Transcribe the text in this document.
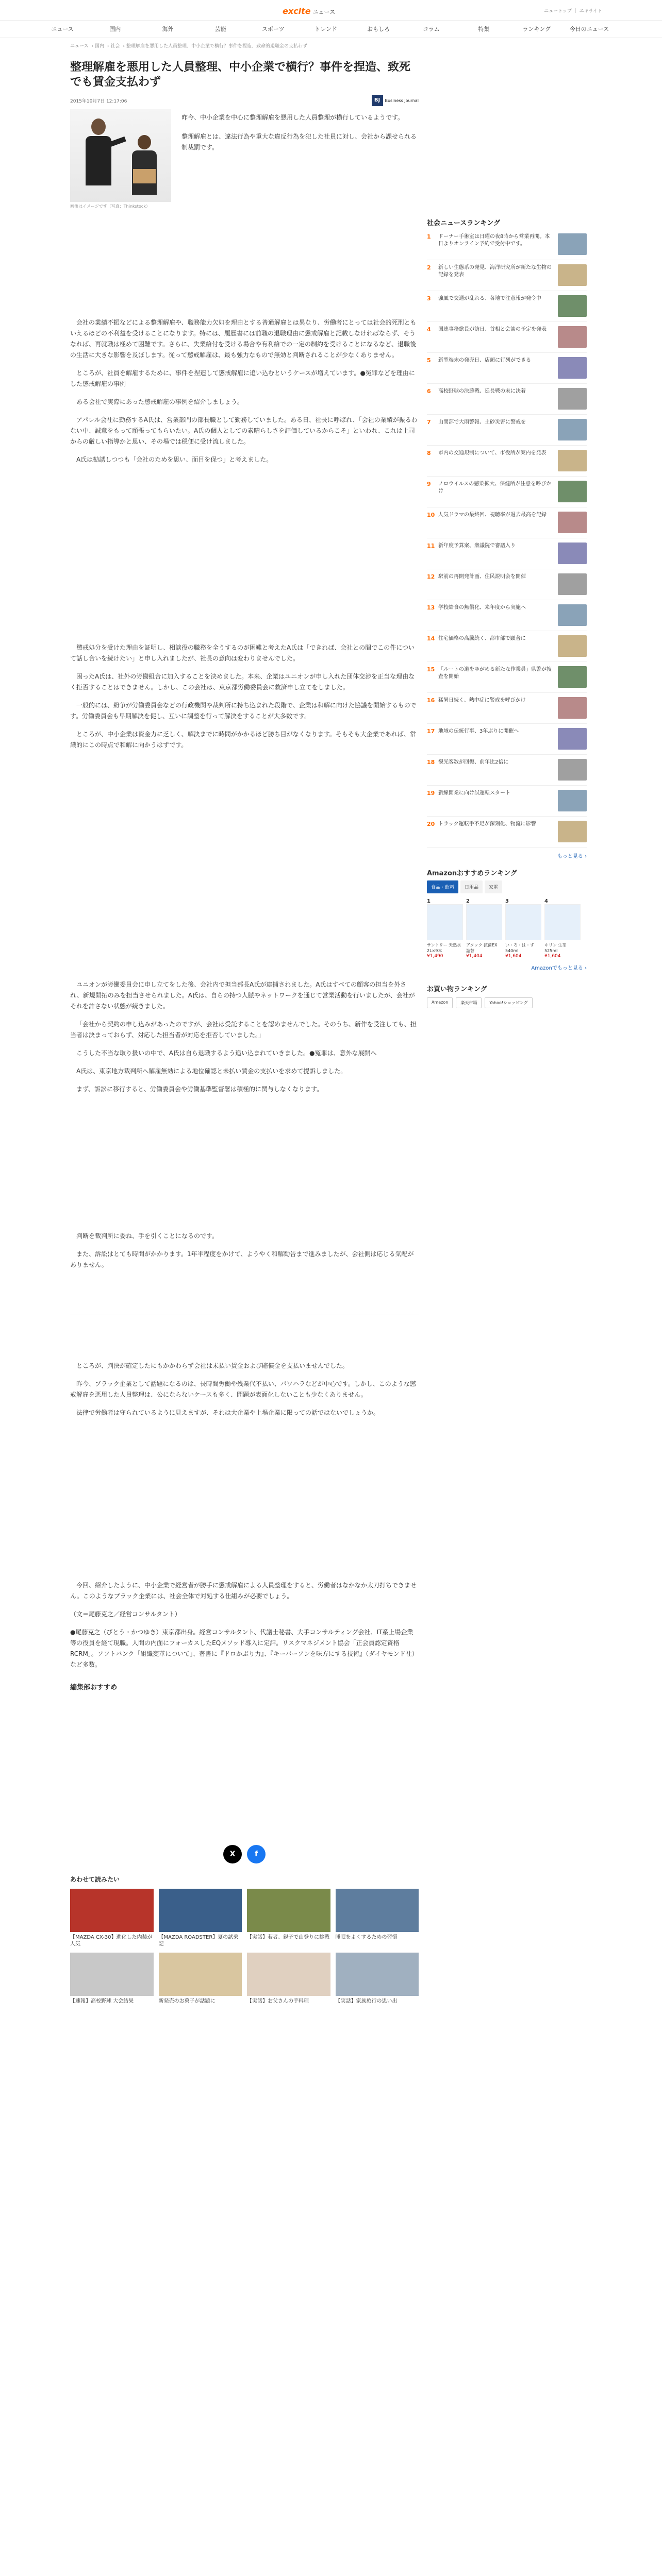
excite ニュース	ニュートップ ｜ エキサイト
ニュース	国内	海外	芸能	スポーツ	トレンド	おもしろ	コラム	特集	ランキング	今日のニュース
ニュース › 国内 › 社会 › 整理解雇を悪用した人員整理、中小企業で横行？事件を捏造、致命的退職金の支払わず
整理解雇を悪用した人員整理、中小企業で横行？事件を捏造、致死でも賃金支払わず
2015年10月7日 12:17:06	BJ	Business Journal
画像はイメージです（写真：Thinkstock）

昨今、中小企業を中心に整理解雇を悪用した人員整理が横行しているようです。

整理解雇とは、違法行為や重大な違反行為を犯した社員に対し、会社から課せられる制裁罰です。

会社の業績不振などによる整理解雇や、職務能力欠如を理由とする普通解雇とは異なり、労働者にとっては社会的死刑ともいえるほどの不利益を受けることになります。特には、履歴書には前職の退職理由に懲戒解雇と記載しなければならず、そうなれば、再就職は極めて困難です。さらに、失業給付を受ける場合や有利給での一定の制約を受けることになるなど、退職後の生活に大きな影響を及ぼします。従って懲戒解雇は、最も強力なもので無効と判断されることが少なくありません。

ところが、社員を解雇するために、事件を捏造して懲戒解雇に追い込むというケースが増えています。●冤罪などを理由にした懲戒解雇の事例

ある会社で実際にあった懲戒解雇の事例を紹介しましょう。

アパレル会社に勤務するA氏は、営業部門の部長職として勤務していました。ある日、社長に呼ばれ、「会社の業績が振るわない中、誠意をもって頑張ってもらいたい。A氏の個人としての素晴らしさを評価しているからこそ」といわれ、これは上司からの厳しい指導かと思い、その場では穏便に受け流しました。

A氏は勧誘しつつも「会社のためを思い、面目を保つ」と考えました。

懲戒処分を受けた理由を証明し、相談役の職務を全うするのが困難と考えたA氏は「できれば、会社との間でこの件について話し合いを続けたい」と申し入れましたが、社長の意向は変わりませんでした。

困ったA氏は、社外の労働組合に加入することを決めました。本来、企業はユニオンが申し入れた団体交渉を正当な理由なく拒否することはできません。しかし、この会社は、東京都労働委員会に救済申し立てをしました。

一般的には、紛争が労働委員会などの行政機関や裁判所に持ち込まれた段階で、企業は和解に向けた協議を開始するものです。労働委員会も早期解決を促し、互いに調整を行って解決をすることが大多数です。

ところが、中小企業は資金力に乏しく、解決までに時間がかかるほど勝ち目がなくなります。そもそも大企業であれば、常識的にこの時点で和解に向かうはずです。

ユニオンが労働委員会に申し立てをした後、会社内で担当部長A氏が逮捕されました。A氏はすべての顧客の担当を外され、新規開拓のみを担当させられました。A氏は、自らの持つ人脈やネットワークを通じて営業活動を行いましたが、会社がそれを許さない状態が続きました。

「会社から契約の申し込みがあったのですが、会社は受託することを認めませんでした。そのうち、新作を受注しても、担当者は決まっておらず、対応した担当者が対応を拒否していました。」

こうした不当な取り扱いの中で、A氏は自ら退職するよう追い込まれていきました。●冤罪は、意外な展開へ

A氏は、東京地方裁判所へ解雇無効による地位確認と未払い賃金の支払いを求めて提訴しました。

まず、訴訟に移行すると、労働委員会や労働基準監督署は積極的に関与しなくなります。

判断を裁判所に委ね、手を引くことになるのです。

また、訴訟はとても時間がかかります。1年半程度をかけて、ようやく和解勧告まで進みましたが、会社側は応じる気配がありません。

ところが、判決が確定したにもかかわらず会社は未払い賃金および賠償金を支払いませんでした。

昨今、ブラック企業として話題になるのは、長時間労働や残業代不払い、パワハラなどが中心です。しかし、このような懲戒解雇を悪用した人員整理は、公にならないケースも多く、問題が表面化しないことも少なくありません。

法律で労働者は守られているように見えますが、それは大企業や上場企業に限っての話ではないでしょうか。

今回、紹介したように、中小企業で経営者が勝手に懲戒解雇による人員整理をすると、労働者はなかなか太刀打ちできません。このようなブラック企業には、社会全体で対処する仕組みが必要でしょう。

（文＝尾藤克之／経営コンサルタント）

●尾藤克之（びとう・かつゆき）東京都出身。経営コンサルタント、代議士秘書、大手コンサルティング会社、IT系上場企業等の役員を経て現職。人間の内面にフォーカスしたEQメソッド導入に定評。リスクマネジメント協会「正会員認定資格RCRM」。ソフトバンク「組織変革について」、著書に『ドロかぶり力』、『キーパーソンを味方にする技術』（ダイヤモンド社）など多数。

編集部おすすめ
X	f
あわせて読みたい
【MAZDA CX-30】進化した内装が人気
【MAZDA ROADSTER】夏の試乗記
【実話】若者、親子で山登りに挑戦 睡眠をよくするための習慣
【速報】高校野球 大会結果	新発売のお菓子が話題に	【実話】お父さんの手料理	【実話】家族旅行の思い出
社会ニュースランキング
1	ドーナー手術室は日曜の夜8時から営業再開。本日よりオンライン予約で受付中です。
2	新しい生態系の発見、海洋研究所が新たな生物の記録を発表
3	強風で交通が乱れる、各地で注意報が発令中
4	国連事務総長が訪日、首相と会談の予定を発表
5	新型端末の発売日、店頭に行列ができる
6	高校野球の決勝戦、延長戦の末に決着
7	山間部で大雨警報、土砂災害に警戒を
8	市内の交通規制について、市役所が案内を発表
9	ノロウイルスの感染拡大、保健所が注意を呼びかけ
10 人気ドラマの最終回、視聴率が過去最高を記録
11 新年度予算案、衆議院で審議入り
12 駅前の再開発計画、住民説明会を開催
13 学校給食の無償化、来年度から実施へ
14 住宅価格の高騰続く、都市部で顕著に
15 「ルートの道をゆがめる新たな作業員」県警が捜査を開始
16 猛暑日続く、熱中症に警戒を呼びかけ
17 地域の伝統行事、3年ぶりに開催へ
18 観光客数が回復、前年比2倍に
19 新線開業に向け試運転スタート
20 トラック運転手不足が深刻化、物流に影響
もっと見る ›
Amazonおすすめランキング
食品・飲料	日用品	家電
1
サントリー 天然水 2L×9本
¥1,490
2
アタック 抗菌EX 詰替
¥1,404
3
い・ろ・は・す 540ml
¥1,604
4
キリン 生茶 525ml
¥1,604
Amazonでもっと見る ›
お買い物ランキング
Amazon	楽天市場	Yahoo!ショッピング
